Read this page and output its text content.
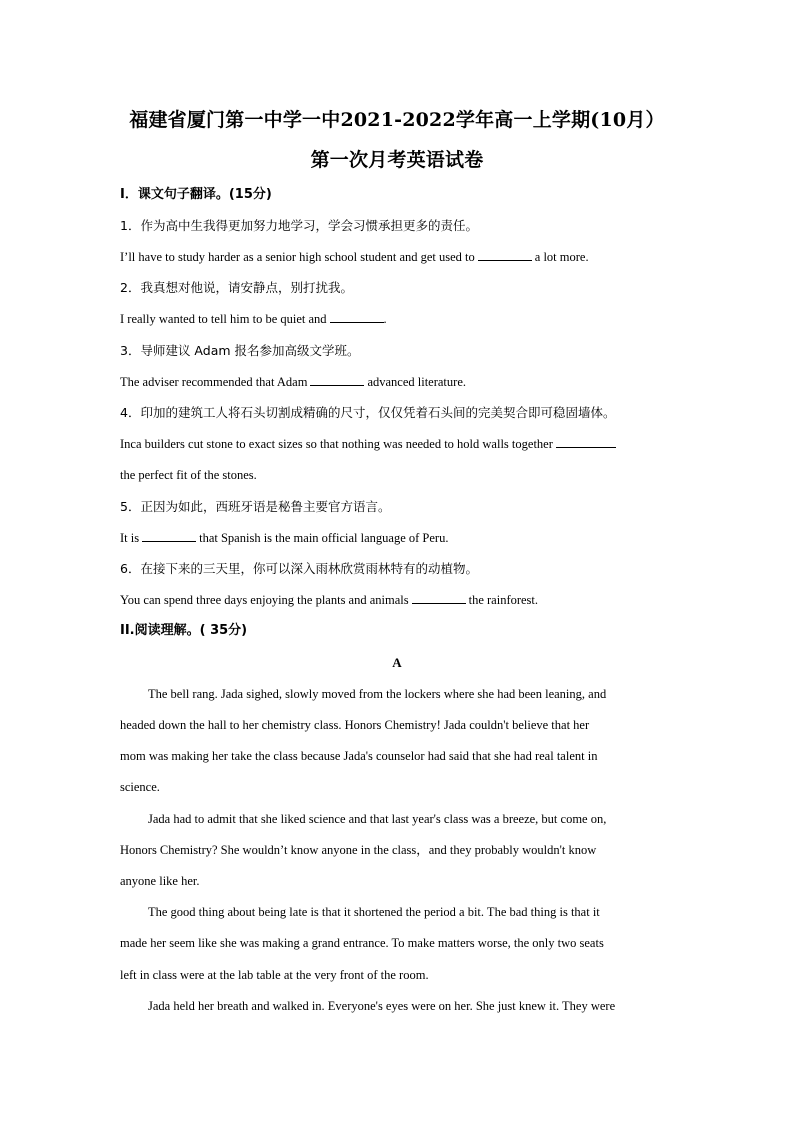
福建省厦门第一中学一中2021-2022学年高一上学期(10月）
第一次月考英语试卷
I．课文句子翻译。(15分)
1．作为高中生我得更加努力地学习，学会习惯承担更多的责任。
I’ll have to study harder as a senior high school student and get used to	a lot more.
2．我真想对他说，请安静点，别打扰我。
I really wanted to tell him to be quiet and	.
3．导师建议 Adam 报名参加高级文学班。
The adviser recommended that Adam	advanced literature.
4．印加的建筑工人将石头切割成精确的尺寸，仅仅凭着石头间的完美契合即可稳固墙体。
Inca builders cut stone to exact sizes so that nothing was needed to hold walls together
the perfect fit of the stones.
5．正因为如此，西班牙语是秘鲁主要官方语言。
It is	that Spanish is the main official language of Peru.
6．在接下来的三天里，你可以深入雨林欣赏雨林特有的动植物。
You can spend three days enjoying the plants and animals	the rainforest.
II.阅读理解。( 35分)
A
The bell rang. Jada sighed, slowly moved from the lockers where she had been leaning, and
headed down the hall to her chemistry class. Honors Chemistry! Jada couldn't believe that her
mom was making her take the class because Jada's counselor had said that she had real talent in
science.
Jada had to admit that she liked science and that last year's class was a breeze, but come on,
Honors Chemistry? She wouldn’t know anyone in the class，and they probably wouldn't know
anyone like her.
The good thing about being late is that it shortened the period a bit. The bad thing is that it
made her seem like she was making a grand entrance. To make matters worse, the only two seats
left in class were at the lab table at the very front of the room.
Jada held her breath and walked in. Everyone's eyes were on her. She just knew it. They were
